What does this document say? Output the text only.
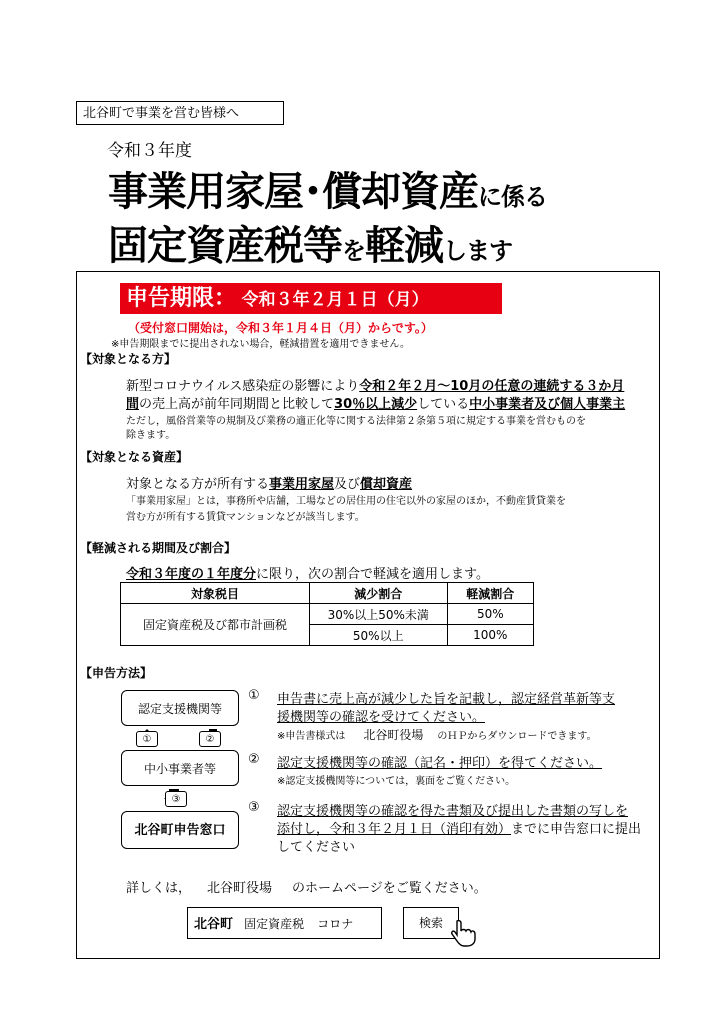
北谷町で事業を営む皆様へ
令和３年度
事業用家屋･償却資産に係る
固定資産税等を軽減します
申告期限： 令和３年２月１日（月）
（受付窓口開始は，令和３年１月４日（月）からです。）
※申告期限までに提出されない場合，軽減措置を適用できません。
【対象となる方】
新型コロナウイルス感染症の影響により令和２年２月～10月の任意の連続する３か月
間の売上高が前年同期間と比較して30％以上減少している中小事業者及び個人事業主
ただし，風俗営業等の規制及び業務の適正化等に関する法律第２条第５項に規定する事業を営むものを
除きます。
【対象となる資産】
対象となる方が所有する事業用家屋及び償却資産
「事業用家屋」とは，事務所や店舗，工場などの居住用の住宅以外の家屋のほか，不動産賃貸業を
営む方が所有する賃貸マンションなどが該当します。
【軽減される期間及び割合】
令和３年度の１年度分に限り，次の割合で軽減を適用します。
対象税目	減少割合	軽減割合
固定資産税及び都市計画税	30%以上50%未満	50%
	50%以上	100%
【申告方法】
認定支援機関等
①	②
中小事業者等
③
北谷町申告窓口
① 申告書に売上高が減少した旨を記載し，認定経営革新等支
援機関等の確認を受けてください。
※申告書様式は 北谷町役場 のＨＰからダウンロードできます。
② 認定支援機関等の確認（記名・押印）を得てください。
※認定支援機関等については，裏面をご覧ください。
③ 認定支援機関等の確認を得た書類及び提出した書類の写しを
添付し，令和３年２月１日（消印有効）までに申告窓口に提出
してください
詳しくは， 北谷町役場 のホームページをご覧ください。
北谷町 固定資産税 コロナ	検索
